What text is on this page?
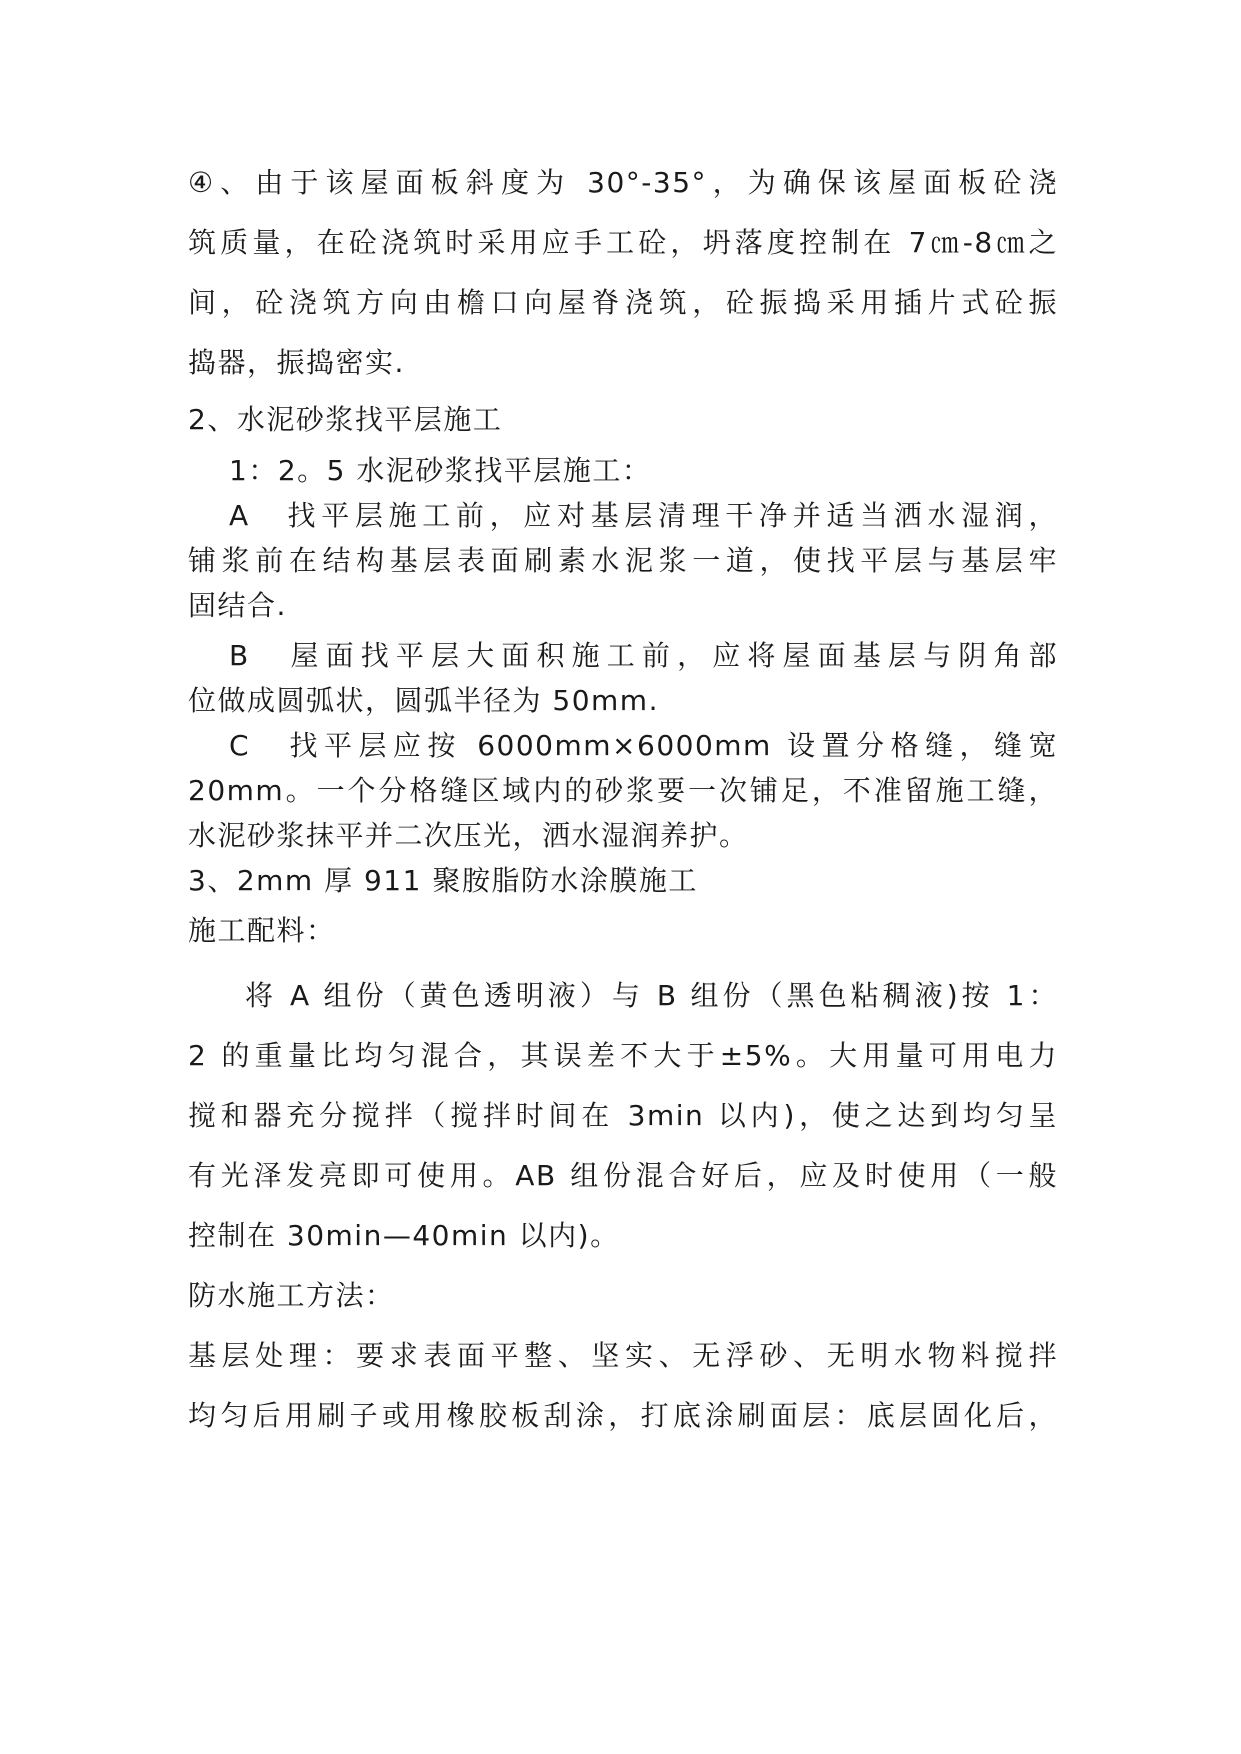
④、由于该屋面板斜度为 30°-35°，为确保该屋面板砼浇
筑质量，在砼浇筑时采用应手工砼，坍落度控制在 7㎝-8㎝之
间，砼浇筑方向由檐口向屋脊浇筑，砼振捣采用插片式砼振
捣器，振捣密实.
2、水泥砂浆找平层施工
1：2。5 水泥砂浆找平层施工：
A　找平层施工前，应对基层清理干净并适当洒水湿润，
铺浆前在结构基层表面刷素水泥浆一道，使找平层与基层牢
固结合.
B　屋面找平层大面积施工前，应将屋面基层与阴角部
位做成圆弧状，圆弧半径为 50mm.
C　找平层应按 6000mm×6000mm 设置分格缝，缝宽
20mm。一个分格缝区域内的砂浆要一次铺足，不准留施工缝，
水泥砂浆抹平并二次压光，洒水湿润养护。
3、2mm 厚 911 聚胺脂防水涂膜施工
施工配料：
将 A 组份（黄色透明液）与 B 组份（黑色粘稠液)按 1：
2 的重量比均匀混合，其误差不大于±5%。大用量可用电力
搅和器充分搅拌（搅拌时间在 3min 以内)，使之达到均匀呈
有光泽发亮即可使用。AB 组份混合好后，应及时使用（一般
控制在 30min—40min 以内)。
防水施工方法：
基层处理：要求表面平整、坚实、无浮砂、无明水物料搅拌
均匀后用刷子或用橡胶板刮涂，打底涂刷面层：底层固化后，
